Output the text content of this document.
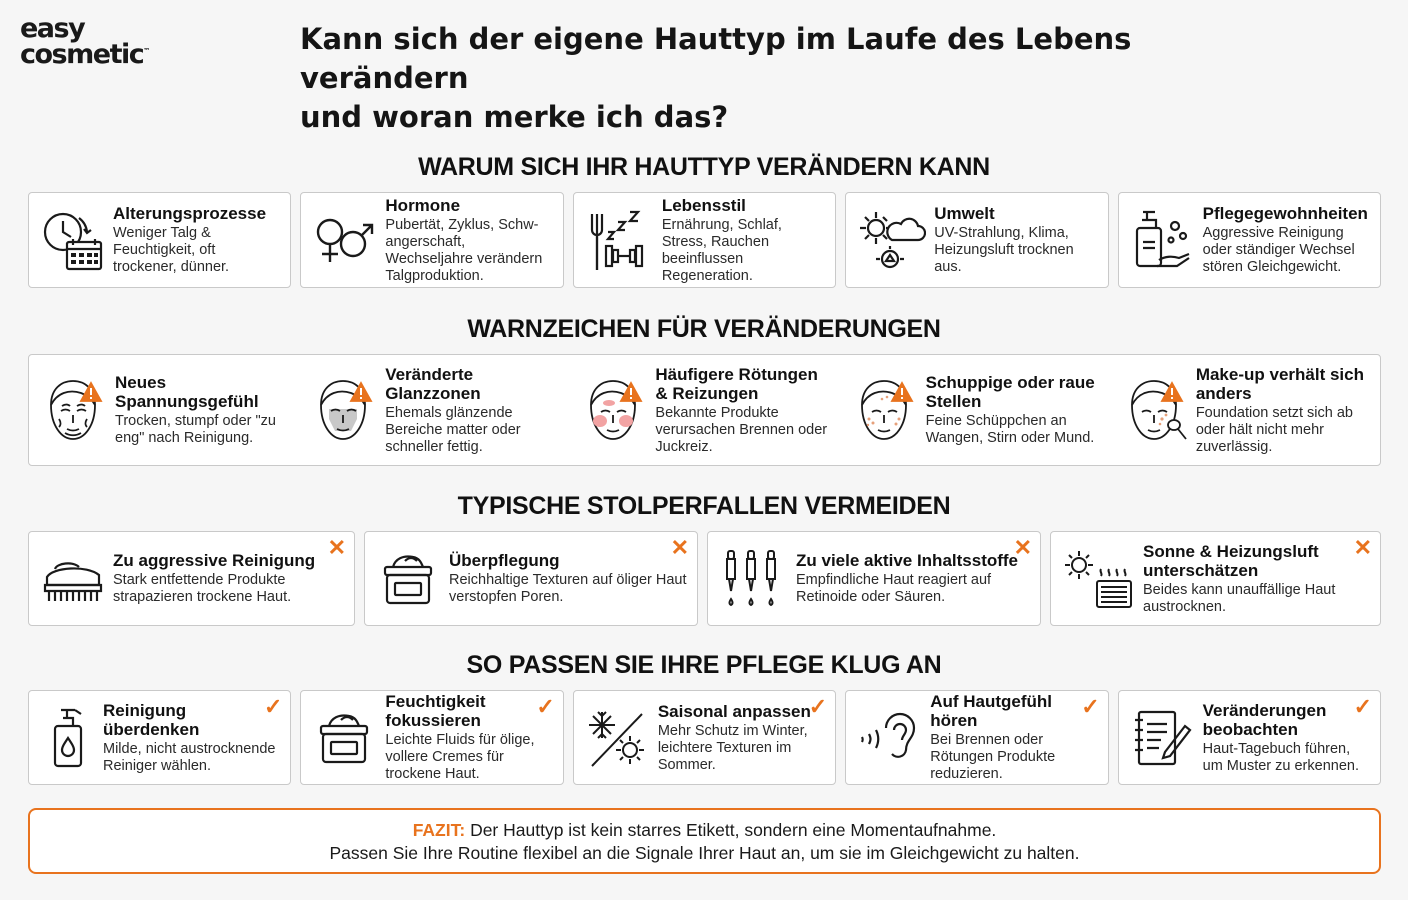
easy
cosmetic™	Kann sich der eigene Hauttyp im Laufe des Lebens verändern
und woran merke ich das?
WARUM SICH IHR HAUTTYP VERÄNDERN KANN
Alterungsprozesse
Weniger Talg & Feuchtigkeit, oft trockener, dünner.
Hormone
Pubertät, Zyklus, Schw-angerschaft, Wechseljahre verändern Talgproduktion.
Lebensstil
Ernährung, Schlaf, Stress, Rauchen beeinflussen Regeneration.
Umwelt
UV-Strahlung, Klima, Heizungsluft trocknen aus.
Pflegegewohnheiten
Aggressive Reinigung oder ständiger Wechsel stören Gleichgewicht.
WARNZEICHEN FÜR VERÄNDERUNGEN
Neues Spannungsgefühl
Trocken, stumpf oder "zu eng" nach Reinigung.
Veränderte Glanzzonen
Ehemals glänzende Bereiche matter oder schneller fettig.
Häufigere Rötungen & Reizungen
Bekannte Produkte verursachen Brennen oder Juckreiz.
Schuppige oder raue Stellen
Feine Schüppchen an Wangen, Stirn oder Mund.
Make-up verhält sich anders
Foundation setzt sich ab oder hält nicht mehr zuverlässig.
TYPISCHE STOLPERFALLEN VERMEIDEN
Zu aggressive Reinigung
Stark entfettende Produkte strapazieren trockene Haut.
✕
Überpflegung
Reichhaltige Texturen auf öliger Haut verstopfen Poren.
✕
Zu viele aktive Inhaltsstoffe
Empfindliche Haut reagiert auf Retinoide oder Säuren.
✕	Sonne & Heizungsluft unterschätzen
Beides kann unauffällige Haut austrocknen.
✕
SO PASSEN SIE IHRE PFLEGE KLUG AN
Reinigung überdenken
Milde, nicht austrocknende Reiniger wählen.
✓	Feuchtigkeit fokussieren
Leichte Fluids für ölige, vollere Cremes für trockene Haut.
✓	Saisonal anpassen
Mehr Schutz im Winter, leichtere Texturen im Sommer.
✓	Auf Hautgefühl hören
Bei Brennen oder Rötungen Produkte reduzieren.
✓	Veränderungen beobachten
Haut-Tagebuch führen, um Muster zu erkennen.
✓
FAZIT: Der Hauttyp ist kein starres Etikett, sondern eine Momentaufnahme.
Passen Sie Ihre Routine flexibel an die Signale Ihrer Haut an, um sie im Gleichgewicht zu halten.
